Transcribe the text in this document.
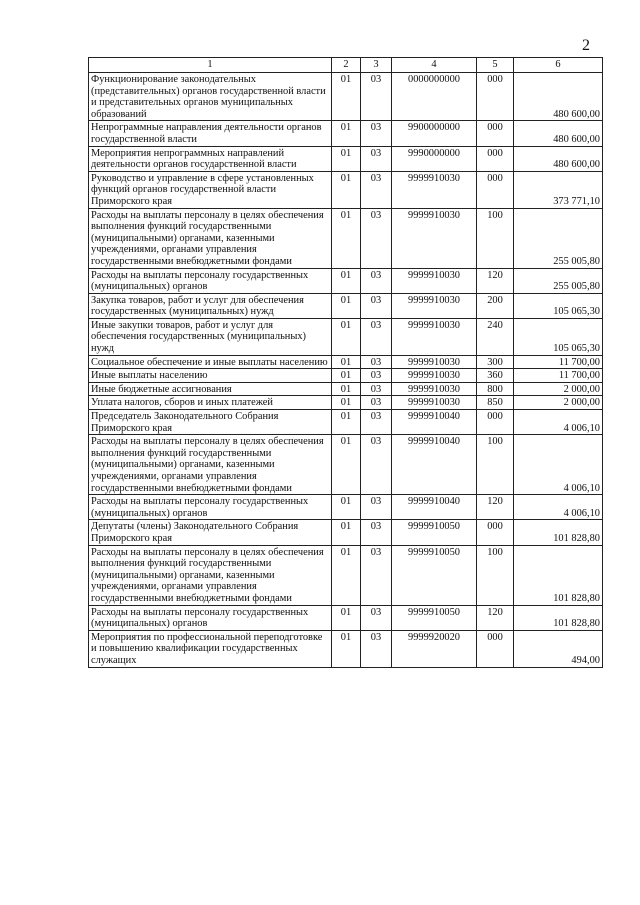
2
1	2	3	4	5	6
Функционирование законодательных (представительных) органов государственной власти и представительных органов муниципальных образований	01	03	0000000000	000	480 600,00
Непрограммные направления деятельности органов государственной власти	01	03	9900000000	000	480 600,00
Мероприятия непрограммных направлений деятельности органов государственной власти	01	03	9990000000	000	480 600,00
Руководство и управление в сфере установленных функций органов государственной власти Приморского края	01	03	9999910030	000	373 771,10
Расходы на выплаты персоналу в целях обеспечения выполнения функций государственными (муниципальными) органами, казенными учреждениями, органами управления государственными внебюджетными фондами	01	03	9999910030	100	255 005,80
Расходы на выплаты персоналу государственных (муниципальных) органов	01	03	9999910030	120	255 005,80
Закупка товаров, работ и услуг для обеспечения государственных (муниципальных) нужд	01	03	9999910030	200	105 065,30
Иные закупки товаров, работ и услуг для обеспечения государственных (муниципальных) нужд	01	03	9999910030	240	105 065,30
Социальное обеспечение и иные выплаты населению	01	03	9999910030	300	11 700,00
Иные выплаты населению	01	03	9999910030	360	11 700,00
Иные бюджетные ассигнования	01	03	9999910030	800	2 000,00
Уплата налогов, сборов и иных платежей	01	03	9999910030	850	2 000,00
Председатель Законодательного Собрания Приморского края	01	03	9999910040	000	4 006,10
Расходы на выплаты персоналу в целях обеспечения выполнения функций государственными (муниципальными) органами, казенными учреждениями, органами управления государственными внебюджетными фондами	01	03	9999910040	100	4 006,10
Расходы на выплаты персоналу государственных (муниципальных) органов	01	03	9999910040	120	4 006,10
Депутаты (члены) Законодательного Собрания Приморского края	01	03	9999910050	000	101 828,80
Расходы на выплаты персоналу в целях обеспечения выполнения функций государственными (муниципальными) органами, казенными учреждениями, органами управления государственными внебюджетными фондами	01	03	9999910050	100	101 828,80
Расходы на выплаты персоналу государственных (муниципальных) органов	01	03	9999910050	120	101 828,80
Мероприятия по профессиональной переподготовке и повышению квалификации государственных служащих	01	03	9999920020	000	494,00
